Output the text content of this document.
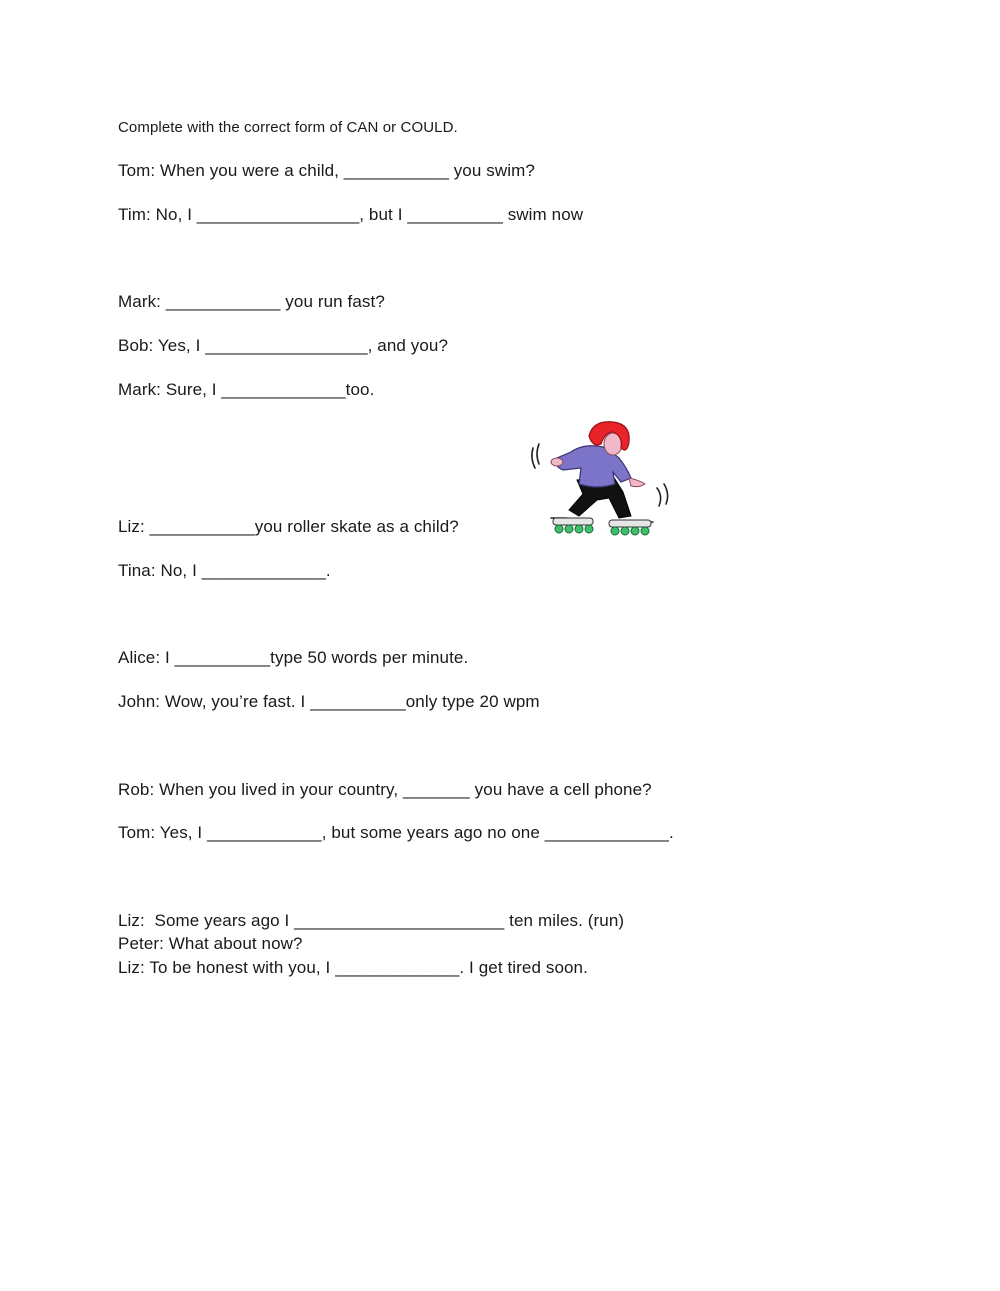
Complete with the correct form of CAN or COULD.
Tom: When you were a child, ___________ you swim?
Tim: No, I _________________, but I __________ swim now
Mark: ____________ you run fast?
Bob: Yes, I _________________, and you?
Mark: Sure, I _____________too.
Liz: ___________you roller skate as a child?
Tina: No, I _____________.
Alice: I __________type 50 words per minute.
John: Wow, you’re fast. I __________only type 20 wpm
Rob: When you lived in your country, _______ you have a cell phone?
Tom: Yes, I ____________, but some years ago no one _____________.
Liz:  Some years ago I ______________________ ten miles. (run)
Peter: What about now?
Liz: To be honest with you, I _____________. I get tired soon.
